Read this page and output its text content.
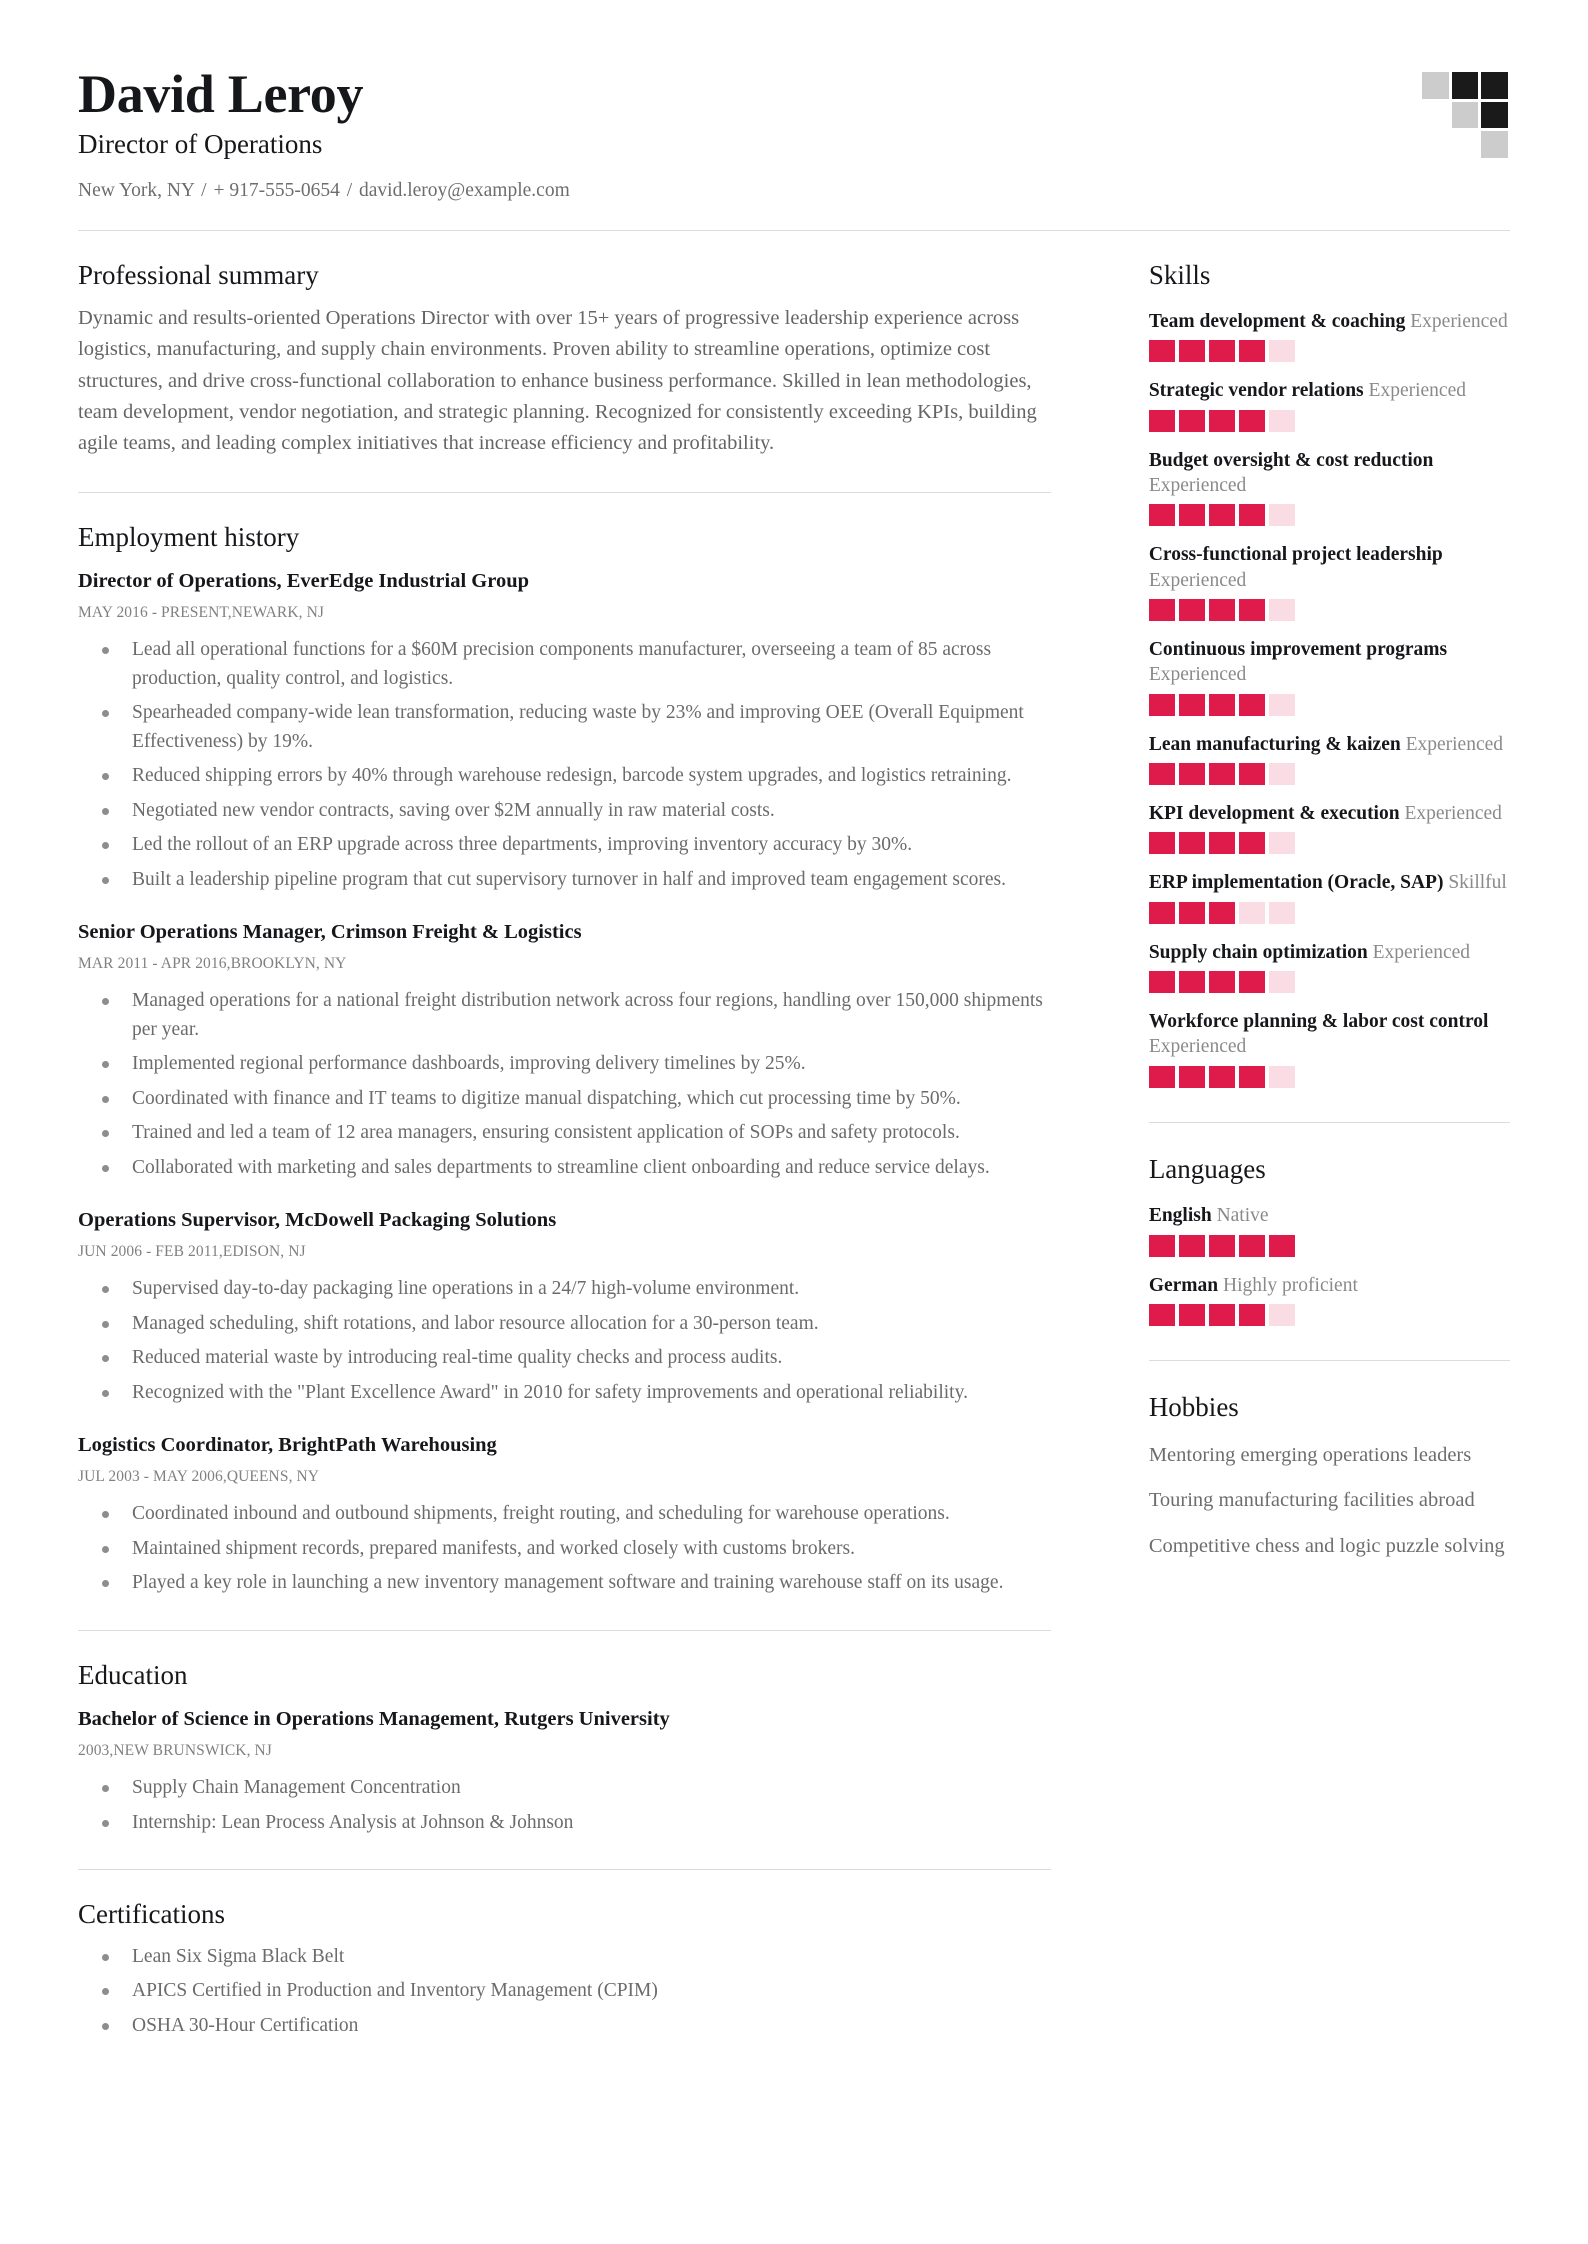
David Leroy
Director of Operations
New York, NY / + 917-555-0654 / david.leroy@example.com
Professional summary

Dynamic and results-oriented Operations Director with over 15+ years of progressive leadership experience across logistics, manufacturing, and supply chain environments. Proven ability to streamline operations, optimize cost structures, and drive cross-functional collaboration to enhance business performance. Skilled in lean methodologies, team development, vendor negotiation, and strategic planning. Recognized for consistently exceeding KPIs, building agile teams, and leading complex initiatives that increase efficiency and profitability.

Employment history
Director of Operations, EverEdge Industrial Group
MAY 2016 - PRESENT,NEWARK, NJ
Lead all operational functions for a $60M precision components manufacturer, overseeing a team of 85 across production, quality control, and logistics.
Spearheaded company-wide lean transformation, reducing waste by 23% and improving OEE (Overall Equipment Effectiveness) by 19%.
Reduced shipping errors by 40% through warehouse redesign, barcode system upgrades, and logistics retraining.
Negotiated new vendor contracts, saving over $2M annually in raw material costs.
Led the rollout of an ERP upgrade across three departments, improving inventory accuracy by 30%.
Built a leadership pipeline program that cut supervisory turnover in half and improved team engagement scores.
Senior Operations Manager, Crimson Freight & Logistics
MAR 2011 - APR 2016,BROOKLYN, NY
Managed operations for a national freight distribution network across four regions, handling over 150,000 shipments per year.
Implemented regional performance dashboards, improving delivery timelines by 25%.
Coordinated with finance and IT teams to digitize manual dispatching, which cut processing time by 50%.
Trained and led a team of 12 area managers, ensuring consistent application of SOPs and safety protocols.
Collaborated with marketing and sales departments to streamline client onboarding and reduce service delays.
Operations Supervisor, McDowell Packaging Solutions
JUN 2006 - FEB 2011,EDISON, NJ
Supervised day-to-day packaging line operations in a 24/7 high-volume environment.
Managed scheduling, shift rotations, and labor resource allocation for a 30-person team.
Reduced material waste by introducing real-time quality checks and process audits.
Recognized with the "Plant Excellence Award" in 2010 for safety improvements and operational reliability.
Logistics Coordinator, BrightPath Warehousing
JUL 2003 - MAY 2006,QUEENS, NY
Coordinated inbound and outbound shipments, freight routing, and scheduling for warehouse operations.
Maintained shipment records, prepared manifests, and worked closely with customs brokers.
Played a key role in launching a new inventory management software and training warehouse staff on its usage.
Education
Bachelor of Science in Operations Management, Rutgers University
2003,NEW BRUNSWICK, NJ
Supply Chain Management Concentration
Internship: Lean Process Analysis at Johnson & Johnson
Certifications
Lean Six Sigma Black Belt
APICS Certified in Production and Inventory Management (CPIM)
OSHA 30-Hour Certification
Skills
Team development & coaching Experienced
Strategic vendor relations Experienced
Budget oversight & cost reduction Experienced
Cross-functional project leadership Experienced
Continuous improvement programs Experienced
Lean manufacturing & kaizen Experienced
KPI development & execution Experienced
ERP implementation (Oracle, SAP) Skillful
Supply chain optimization Experienced
Workforce planning & labor cost control Experienced
Languages
English Native
German Highly proficient
Hobbies

Mentoring emerging operations leaders

Touring manufacturing facilities abroad

Competitive chess and logic puzzle solving
